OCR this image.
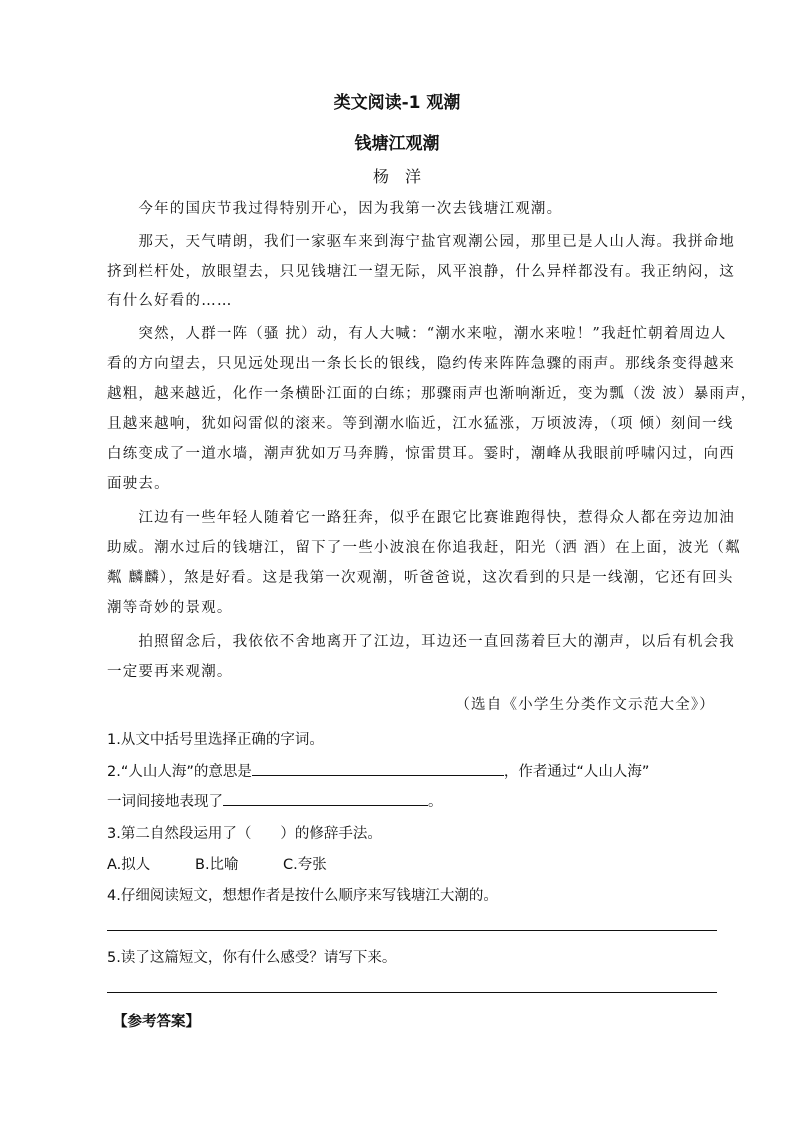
类文阅读-1 观潮
钱塘江观潮
杨　洋
　　今年的国庆节我过得特别开心，因为我第一次去钱塘江观潮。
　　那天，天气晴朗，我们一家驱车来到海宁盐官观潮公园，那里已是人山人海。我拼命地
挤到栏杆处，放眼望去，只见钱塘江一望无际，风平浪静，什么异样都没有。我正纳闷，这
有什么好看的……
　　突然，人群一阵（骚 扰）动，有人大喊：“潮水来啦，潮水来啦！”我赶忙朝着周边人
看的方向望去，只见远处现出一条长长的银线，隐约传来阵阵急骤的雨声。那线条变得越来
越粗，越来越近，化作一条横卧江面的白练；那骤雨声也渐响渐近，变为瓢（泼 波）暴雨声，
且越来越响，犹如闷雷似的滚来。等到潮水临近，江水猛涨，万顷波涛，（项 倾）刻间一线
白练变成了一道水墙，潮声犹如万马奔腾，惊雷贯耳。霎时，潮峰从我眼前呼啸闪过，向西
面驶去。
　　江边有一些年轻人随着它一路狂奔，似乎在跟它比赛谁跑得快，惹得众人都在旁边加油
助威。潮水过后的钱塘江，留下了一些小波浪在你追我赶，阳光（洒 酒）在上面，波光（粼
粼 麟麟），煞是好看。这是我第一次观潮，听爸爸说，这次看到的只是一线潮，它还有回头
潮等奇妙的景观。
　　拍照留念后，我依依不舍地离开了江边，耳边还一直回荡着巨大的潮声，以后有机会我
一定要再来观潮。
（选自《小学生分类作文示范大全》）
1.从文中括号里选择正确的字词。
2.“人山人海”的意思是	，作者通过“人山人海”
一词间接地表现了	。
3.第二自然段运用了（　　）的修辞手法。
A.拟人	B.比喻	C.夸张
4.仔细阅读短文，想想作者是按什么顺序来写钱塘江大潮的。
5.读了这篇短文，你有什么感受？请写下来。
【参考答案】
